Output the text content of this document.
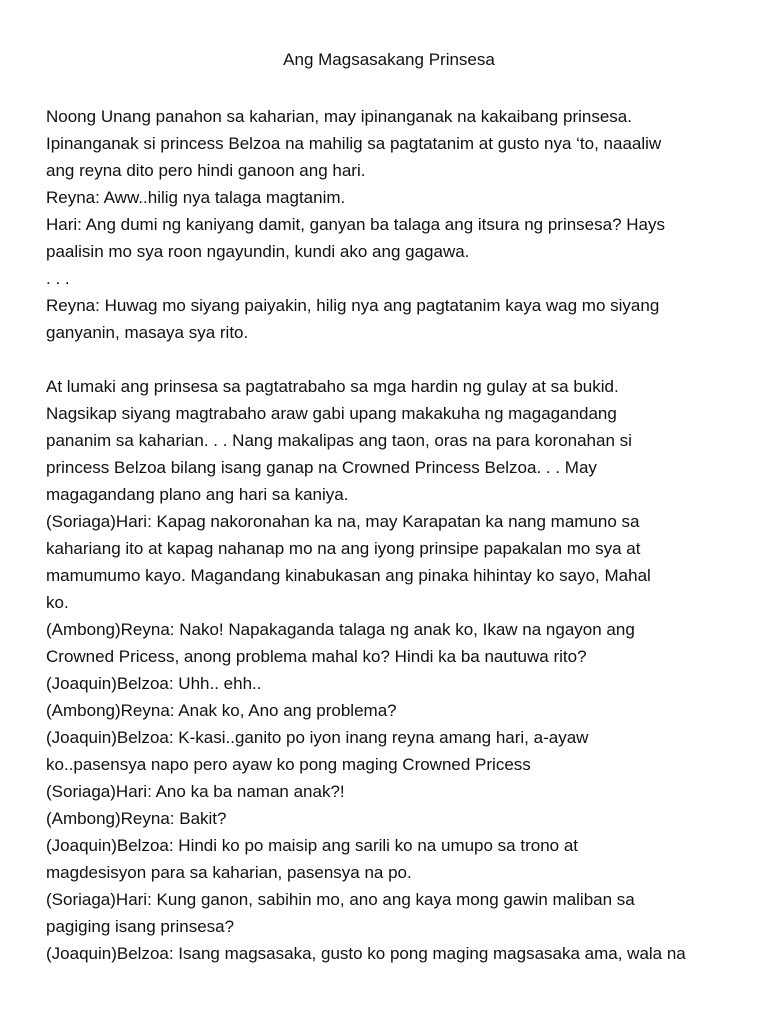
Ang Magsasakang Prinsesa
Noong Unang panahon sa kaharian, may ipinanganak na kakaibang prinsesa.
Ipinanganak si princess Belzoa na mahilig sa pagtatanim at gusto nya ‘to, naaaliw
ang reyna dito pero hindi ganoon ang hari.
Reyna: Aww..hilig nya talaga magtanim.
Hari: Ang dumi ng kaniyang damit, ganyan ba talaga ang itsura ng prinsesa? Hays
paalisin mo sya roon ngayundin, kundi ako ang gagawa.
. . .
Reyna: Huwag mo siyang paiyakin, hilig nya ang pagtatanim kaya wag mo siyang
ganyanin, masaya sya rito.
At lumaki ang prinsesa sa pagtatrabaho sa mga hardin ng gulay at sa bukid.
Nagsikap siyang magtrabaho araw gabi upang makakuha ng magagandang
pananim sa kaharian. . . Nang makalipas ang taon, oras na para koronahan si
princess Belzoa bilang isang ganap na Crowned Princess Belzoa. . . May
magagandang plano ang hari sa kaniya.
(Soriaga)Hari: Kapag nakoronahan ka na, may Karapatan ka nang mamuno sa
kahariang ito at kapag nahanap mo na ang iyong prinsipe papakalan mo sya at
mamumumo kayo. Magandang kinabukasan ang pinaka hihintay ko sayo, Mahal
ko.
(Ambong)Reyna: Nako! Napakaganda talaga ng anak ko, Ikaw na ngayon ang
Crowned Pricess, anong problema mahal ko? Hindi ka ba nautuwa rito?
(Joaquin)Belzoa: Uhh.. ehh..
(Ambong)Reyna: Anak ko, Ano ang problema?
(Joaquin)Belzoa: K-kasi..ganito po iyon inang reyna amang hari, a-ayaw
ko..pasensya napo pero ayaw ko pong maging Crowned Pricess
(Soriaga)Hari: Ano ka ba naman anak?!
(Ambong)Reyna: Bakit?
(Joaquin)Belzoa: Hindi ko po maisip ang sarili ko na umupo sa trono at
magdesisyon para sa kaharian, pasensya na po.
(Soriaga)Hari: Kung ganon, sabihin mo, ano ang kaya mong gawin maliban sa
pagiging isang prinsesa?
(Joaquin)Belzoa: Isang magsasaka, gusto ko pong maging magsasaka ama, wala na
